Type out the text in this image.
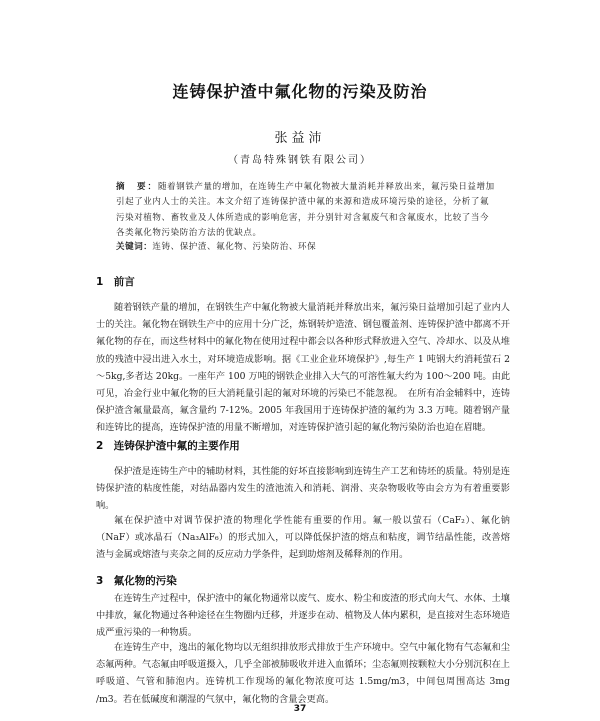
连铸保护渣中氟化物的污染及防治
张益沛
（青岛特殊钢铁有限公司）
摘　要：随着钢铁产量的增加，在连铸生产中氟化物被大量消耗并释放出来，氟污染日益增加引起了业内人士的关注。本文介绍了连铸保护渣中氟的来源和造成环境污染的途径，分析了氟污染对植物、畜牧业及人体所造成的影响危害，并分别针对含氟废气和含氟废水，比较了当今各类氟化物污染防治方法的优缺点。
关键词：连铸、保护渣、氟化物、污染防治、环保
1　前言
随着钢铁产量的增加，在钢铁生产中氟化物被大量消耗并释放出来，氟污染日益增加引起了业内人士的关注。氟化物在钢铁生产中的应用十分广泛，炼钢转炉造渣、钢包覆盖剂、连铸保护渣中都离不开氟化物的存在，而这些材料中的氟化物在使用过程中都会以各种形式释放进入空气、冷却水、以及从堆放的残渣中浸出进入水土，对环境造成影响。据《工业企业环境保护》,每生产 1 吨钢大约消耗萤石 2～5kg,多者达 20kg。一座年产 100 万吨的钢铁企业排入大气的可溶性氟大约为 100～200 吨。由此可见，冶金行业中氟化物的巨大消耗量引起的氟对环境的污染已不能忽视。　在所有冶金辅料中，连铸保护渣含氟量最高，氟含量约 7-12%。2005 年我国用于连铸保护渣的氟约为 3.3 万吨。随着钢产量和连铸比的提高，连铸保护渣的用量不断增加，对连铸保护渣引起的氟化物污染防治也迫在眉睫。
2　连铸保护渣中氟的主要作用
保护渣是连铸生产中的辅助材料，其性能的好坏直接影响到连铸生产工艺和铸坯的质量。特别是连铸保护渣的粘度性能，对结晶器内发生的渣池流入和消耗、润滑、夹杂物吸收等由会方为有着重要影响。
氟在保护渣中对调节保护渣的物理化学性能有重要的作用。氟一般以萤石（CaF₂）、氟化钠（NaF）或冰晶石（Na₃AlF₆）的形式加入，可以降低保护渣的熔点和粘度，调节结晶性能，改善熔渣与金属或熔渣与夹杂之间的反应动力学条件，起到助熔剂及稀释剂的作用。
3　氟化物的污染
在连铸生产过程中，保护渣中的氟化物通常以废气、废水、粉尘和废渣的形式向大气、水体、土壤中排放，氟化物通过各种途径在生物圈内迁移，并逐步在动、植物及人体内累积，是直接对生态环境造成严重污染的一种物质。
在连铸生产中，逸出的氟化物均以无组织排放形式排放于生产环境中。空气中氟化物有气态氟和尘态氟两种。气态氟由呼吸道摄入，几乎全部被肺吸收并进入血循环；尘态氟则按颗粒大小分别沉积在上呼吸道、气管和肺泡内。连铸机工作现场的氟化物浓度可达 1.5mg/m3，中间包周围高达 3mg /m3。若在低碱度和潮湿的气氛中，氟化物的含量会更高。
37
